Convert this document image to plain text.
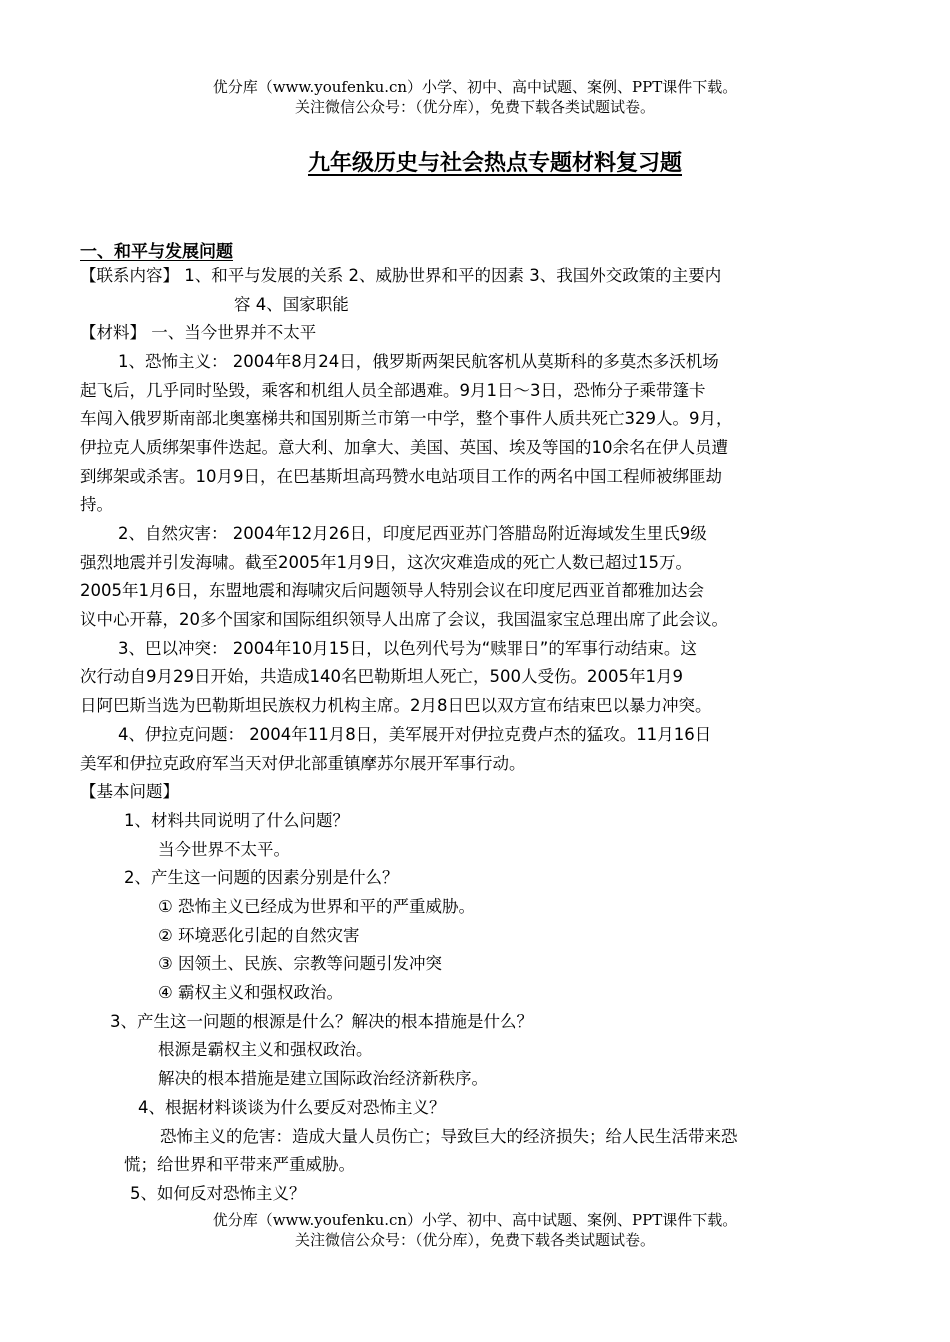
优分库（www.youfenku.cn）小学、初中、高中试题、案例、PPT课件下载。
关注微信公众号：（优分库），免费下载各类试题试卷。
九年级历史与社会热点专题材料复习题
一、和平与发展问题
【联系内容】 1、和平与发展的关系 2、威胁世界和平的因素 3、我国外交政策的主要内
容 4、国家职能
【材料】 一、当今世界并不太平
1、恐怖主义： 2004年8月24日，俄罗斯两架民航客机从莫斯科的多莫杰多沃机场
起飞后，几乎同时坠毁，乘客和机组人员全部遇难。9月1日～3日，恐怖分子乘带篷卡
车闯入俄罗斯南部北奥塞梯共和国别斯兰市第一中学，整个事件人质共死亡329人。9月，
伊拉克人质绑架事件迭起。意大利、加拿大、美国、英国、埃及等国的10余名在伊人员遭
到绑架或杀害。10月9日，在巴基斯坦高玛赞水电站项目工作的两名中国工程师被绑匪劫
持。
2、自然灾害： 2004年12月26日，印度尼西亚苏门答腊岛附近海域发生里氏9级
强烈地震并引发海啸。截至2005年1月9日，这次灾难造成的死亡人数已超过15万。
2005年1月6日，东盟地震和海啸灾后问题领导人特别会议在印度尼西亚首都雅加达会
议中心开幕，20多个国家和国际组织领导人出席了会议，我国温家宝总理出席了此会议。
3、巴以冲突： 2004年10月15日，以色列代号为“赎罪日”的军事行动结束。这
次行动自9月29日开始，共造成140名巴勒斯坦人死亡，500人受伤。2005年1月9
日阿巴斯当选为巴勒斯坦民族权力机构主席。2月8日巴以双方宣布结束巴以暴力冲突。
4、伊拉克问题： 2004年11月8日，美军展开对伊拉克费卢杰的猛攻。11月16日
美军和伊拉克政府军当天对伊北部重镇摩苏尔展开军事行动。
【基本问题】
1、材料共同说明了什么问题？
当今世界不太平。
2、产生这一问题的因素分别是什么？
① 恐怖主义已经成为世界和平的严重威胁。
② 环境恶化引起的自然灾害
③ 因领土、民族、宗教等问题引发冲突
④ 霸权主义和强权政治。
3、产生这一问题的根源是什么？解决的根本措施是什么？
根源是霸权主义和强权政治。
解决的根本措施是建立国际政治经济新秩序。
4、根据材料谈谈为什么要反对恐怖主义？
恐怖主义的危害：造成大量人员伤亡；导致巨大的经济损失；给人民生活带来恐
慌；给世界和平带来严重威胁。
5、如何反对恐怖主义？
优分库（www.youfenku.cn）小学、初中、高中试题、案例、PPT课件下载。
关注微信公众号：（优分库），免费下载各类试题试卷。
